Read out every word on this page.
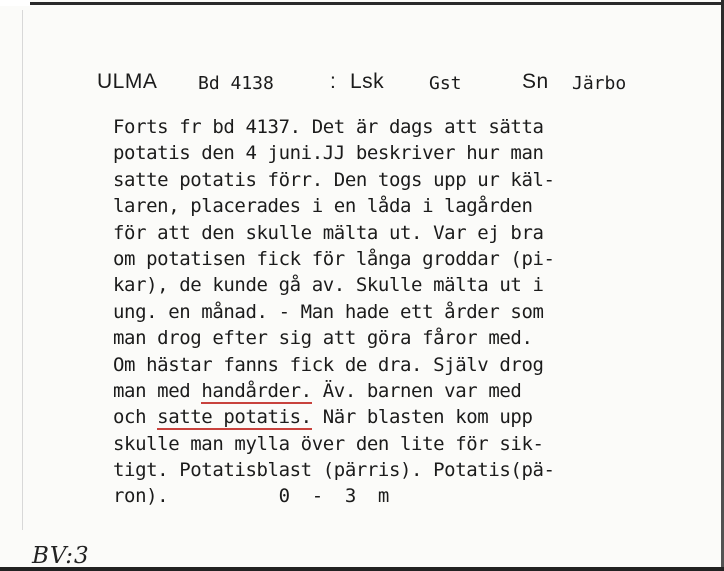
ULMA Bd 4138	: Lsk Gst	Sn Järbo
Forts fr bd 4137. Det är dags att sätta
potatis den 4 juni.JJ beskriver hur man
satte potatis förr. Den togs upp ur käl-
laren, placerades i en låda i lagården
för att den skulle mälta ut. Var ej bra
om potatisen fick för långa groddar (pi-
kar), de kunde gå av. Skulle mälta ut i
ung. en månad. - Man hade ett årder som
man drog efter sig att göra fåror med.
Om hästar fanns fick de dra. Själv drog
man med handårder. Äv. barnen var med
och satte potatis. När blasten kom upp
skulle man mylla över den lite för sik-
tigt. Potatisblast (pärris). Potatis(pä-
ron).          0  -  3  m
BV:3
